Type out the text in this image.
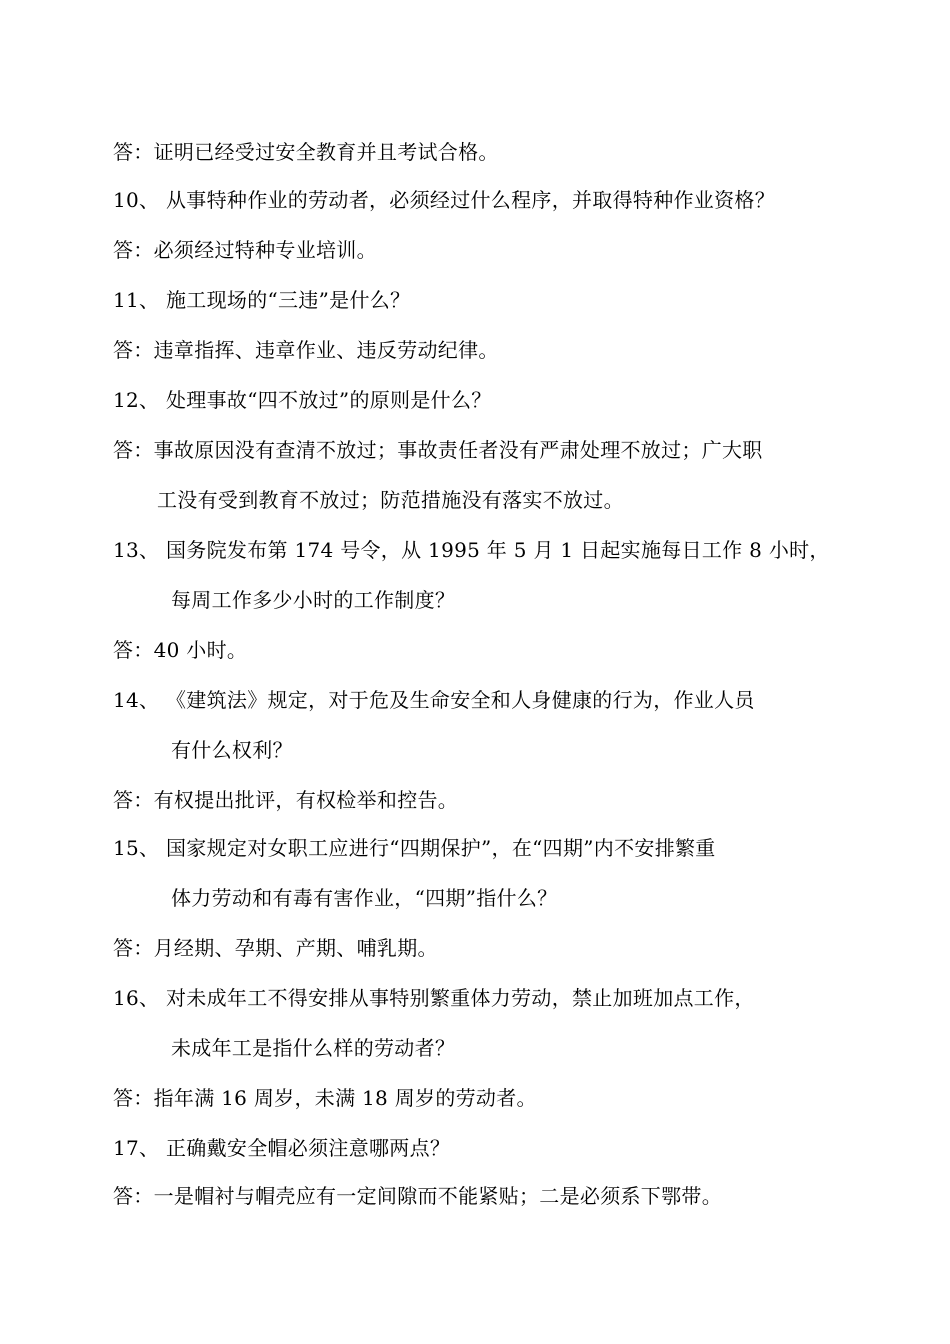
答：证明已经受过安全教育并且考试合格。
10、 从事特种作业的劳动者，必须经过什么程序，并取得特种作业资格？
答：必须经过特种专业培训。
11、 施工现场的“三违”是什么？
答：违章指挥、违章作业、违反劳动纪律。
12、 处理事故“四不放过”的原则是什么？
答：事故原因没有查清不放过；事故责任者没有严肃处理不放过；广大职
工没有受到教育不放过；防范措施没有落实不放过。
13、 国务院发布第 174 号令，从 1995 年 5 月 1 日起实施每日工作 8 小时，
每周工作多少小时的工作制度？
答：40 小时。
14、 《建筑法》规定，对于危及生命安全和人身健康的行为，作业人员
有什么权利？
答：有权提出批评，有权检举和控告。
15、 国家规定对女职工应进行“四期保护”，在“四期”内不安排繁重
体力劳动和有毒有害作业，“四期”指什么？
答：月经期、孕期、产期、哺乳期。
16、 对未成年工不得安排从事特别繁重体力劳动，禁止加班加点工作，
未成年工是指什么样的劳动者？
答：指年满 16 周岁，未满 18 周岁的劳动者。
17、 正确戴安全帽必须注意哪两点？
答：一是帽衬与帽壳应有一定间隙而不能紧贴；二是必须系下鄂带。
